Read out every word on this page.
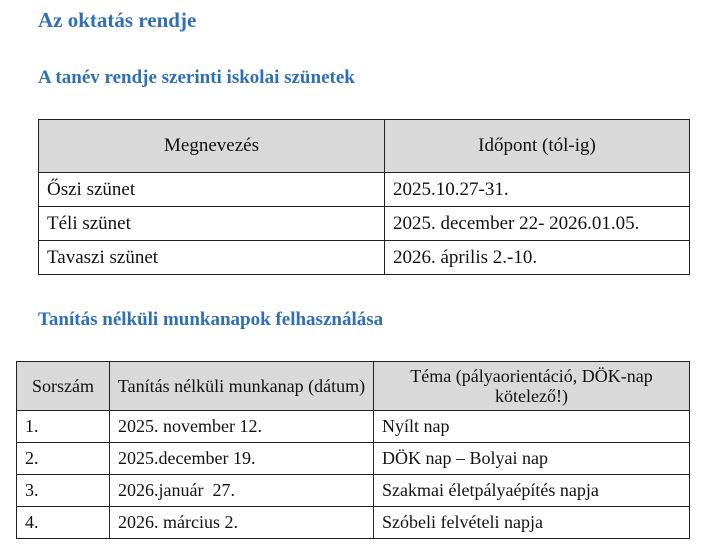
Az oktatás rendje
A tanév rendje szerinti iskolai szünetek
Megnevezés	Időpont (tól-ig)
Őszi szünet	2025.10.27-31.
Téli szünet	2025. december 22- 2026.01.05.
Tavaszi szünet	2026. április 2.-10.
Tanítás nélküli munkanapok felhasználása
Sorszám	Tanítás nélküli munkanap (dátum)	Téma (pályaorientáció, DÖK-nap kötelező!)
1.	2025. november 12.	Nyílt nap
2.	2025.december 19.	DÖK nap – Bolyai nap
3.	2026.január  27.	Szakmai életpályaépítés napja
4.	2026. március 2.	Szóbeli felvételi napja
